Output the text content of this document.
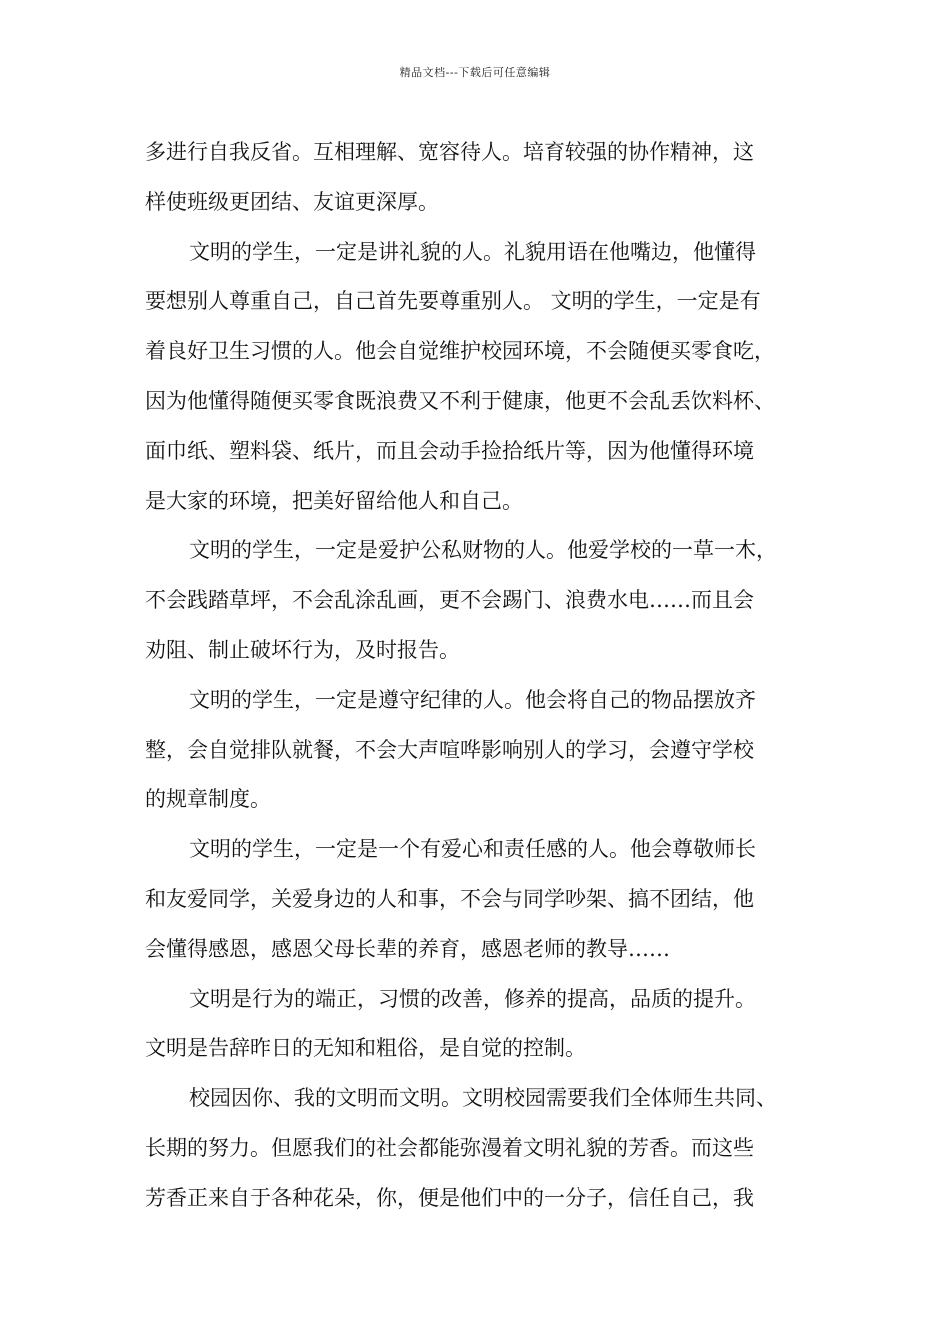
精品文档---下载后可任意编辑
多进行自我反省。互相理解、宽容待人。培育较强的协作精神，这
样使班级更团结、友谊更深厚。
文明的学生，一定是讲礼貌的人。礼貌用语在他嘴边，他懂得
要想别人尊重自己，自己首先要尊重别人。 文明的学生，一定是有
着良好卫生习惯的人。他会自觉维护校园环境，不会随便买零食吃，
因为他懂得随便买零食既浪费又不利于健康，他更不会乱丢饮料杯、
面巾纸、塑料袋、纸片，而且会动手捡拾纸片等，因为他懂得环境
是大家的环境，把美好留给他人和自己。
文明的学生，一定是爱护公私财物的人。他爱学校的一草一木，
不会践踏草坪，不会乱涂乱画，更不会踢门、浪费水电……而且会
劝阻、制止破坏行为，及时报告。
文明的学生，一定是遵守纪律的人。他会将自己的物品摆放齐
整，会自觉排队就餐，不会大声喧哗影响别人的学习，会遵守学校
的规章制度。
文明的学生，一定是一个有爱心和责任感的人。他会尊敬师长
和友爱同学，关爱身边的人和事，不会与同学吵架、搞不团结，他
会懂得感恩，感恩父母长辈的养育，感恩老师的教导……
文明是行为的端正，习惯的改善，修养的提高，品质的提升。
文明是告辞昨日的无知和粗俗，是自觉的控制。
校园因你、我的文明而文明。文明校园需要我们全体师生共同、
长期的努力。但愿我们的社会都能弥漫着文明礼貌的芳香。而这些
芳香正来自于各种花朵，你，便是他们中的一分子，信任自己，我
